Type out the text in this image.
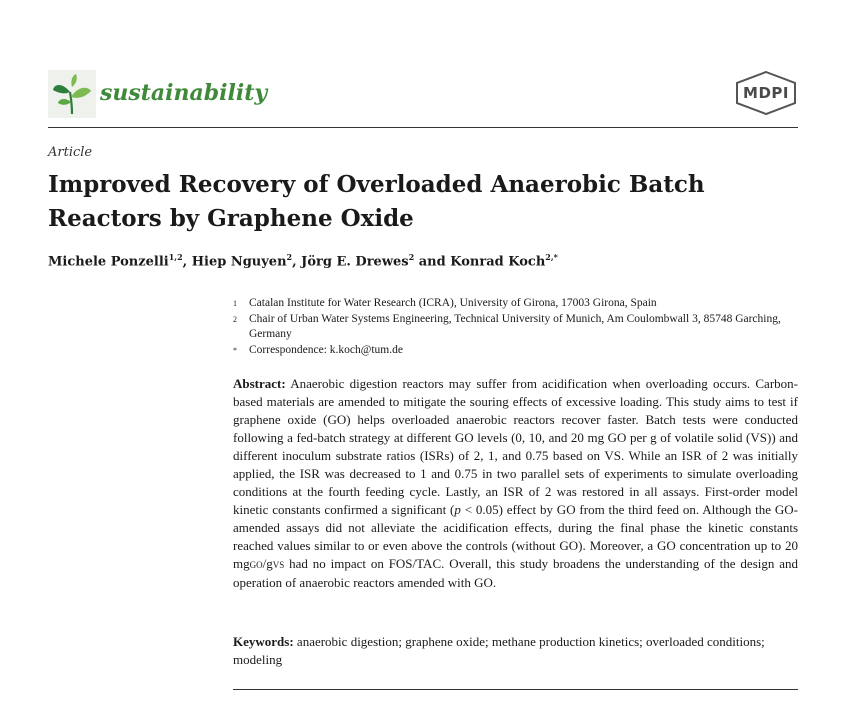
sustainability	MDPI
Article
Improved Recovery of Overloaded Anaerobic Batch Reactors by Graphene Oxide
Michele Ponzelli$^{1,2}$, Hiep Nguyen$^2$, Jörg E. Drewes$^2$ and Konrad Koch$^{2,*}$
1 Catalan Institute for Water Research (ICRA), University of Girona, 17003 Girona, Spain
2 Chair of Urban Water Systems Engineering, Technical University of Munich, Am Coulombwall 3, 85748 Garching, Germany
* Correspondence: k.koch@tum.de
Abstract: Anaerobic digestion reactors may suffer from acidification when overloading occurs. Carbon-based materials are amended to mitigate the souring effects of excessive loading. This study aims to test if graphene oxide (GO) helps overloaded anaerobic reactors recover faster. Batch tests were conducted following a fed-batch strategy at different GO levels (0, 10, and 20 mg GO per g of volatile solid (VS)) and different inoculum substrate ratios (ISRs) of 2, 1, and 0.75 based on VS. While an ISR of 2 was initially applied, the ISR was decreased to 1 and 0.75 in two parallel sets of experiments to simulate overloading conditions at the fourth feeding cycle. Lastly, an ISR of 2 was restored in all assays. First-order model kinetic constants confirmed a significant (p < 0.05) effect by GO from the third feed on. Although the GO-amended assays did not alleviate the acidification effects, during the final phase the kinetic constants reached values similar to or even above the controls (without GO). Moreover, a GO concentration up to 20 mgGO/gVS had no impact on FOS/TAC. Overall, this study broadens the understanding of the design and operation of anaerobic reactors amended with GO.
Keywords: anaerobic digestion; graphene oxide; methane production kinetics; overloaded conditions; modeling
